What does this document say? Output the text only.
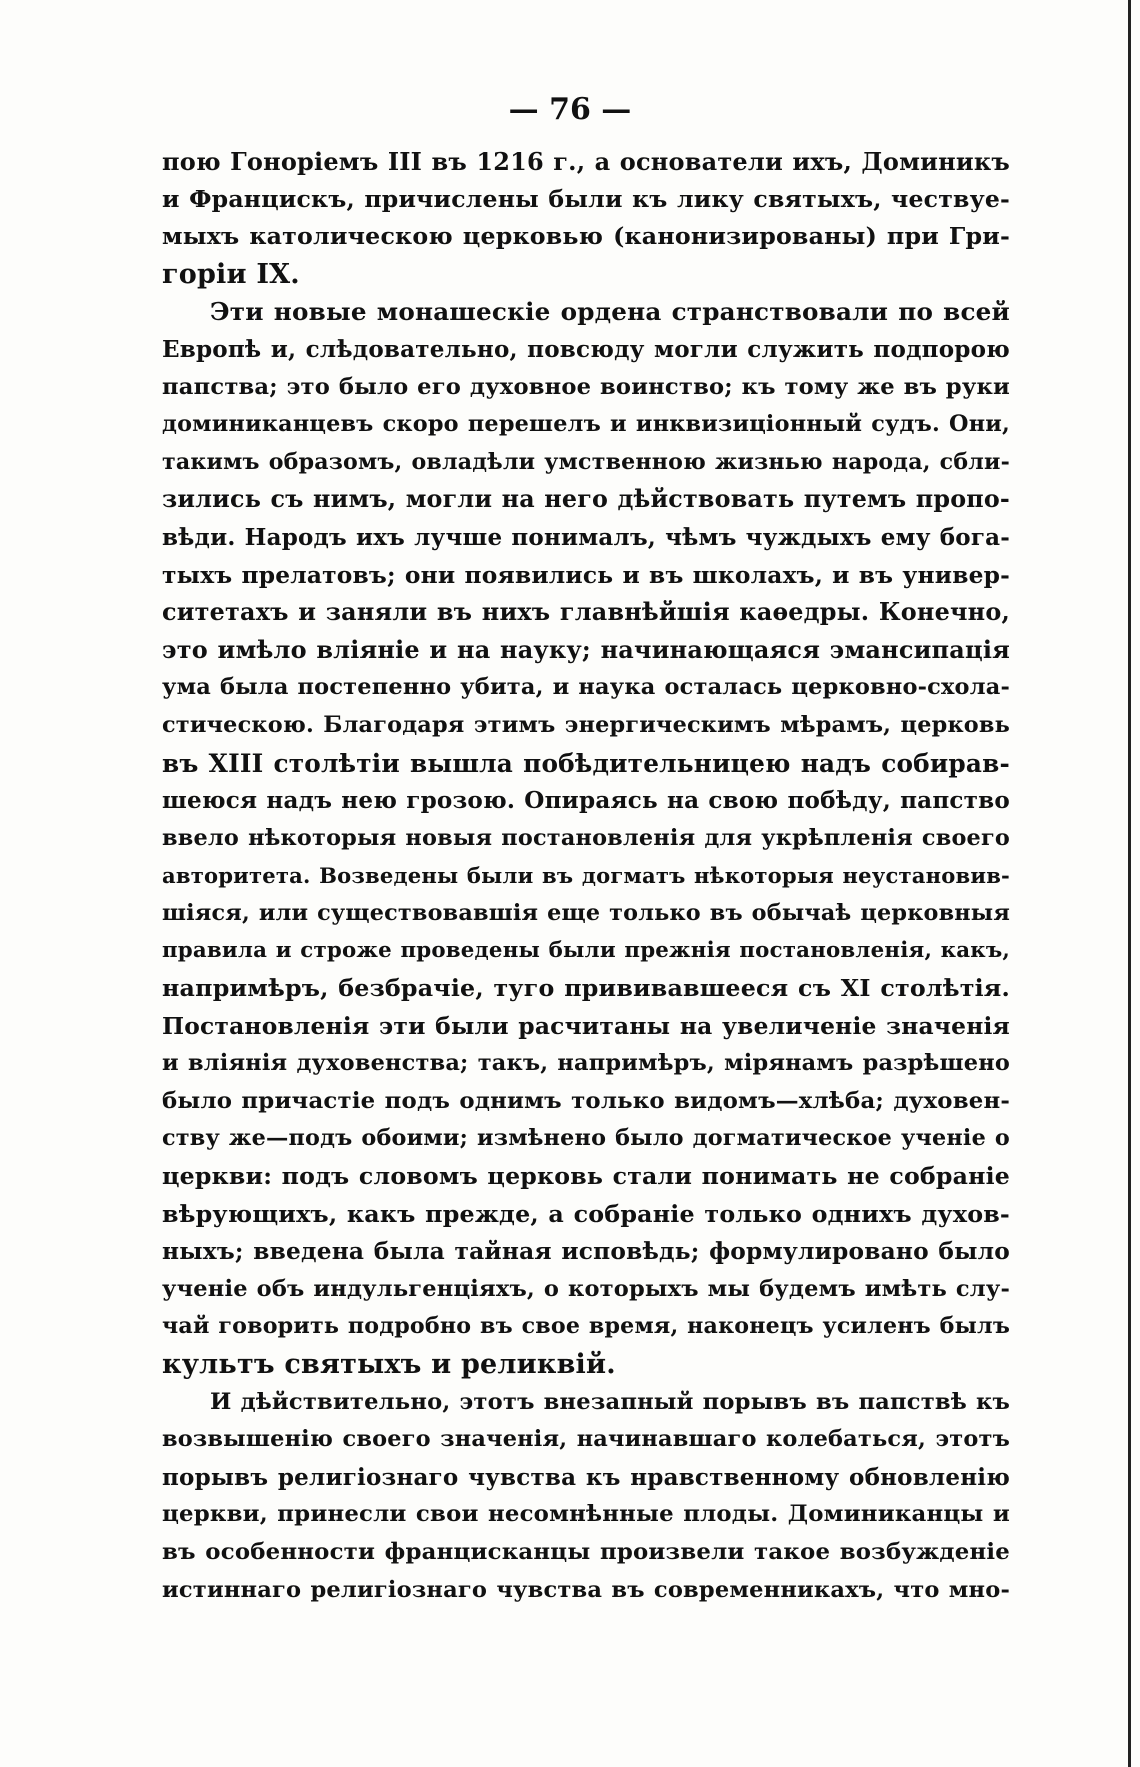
— 76 —
пою Гоноріемъ III въ 1216 г., а основатели ихъ, Доминикъ
и Францискъ, причислены были къ лику святыхъ, чествуе-
мыхъ католическою церковью (канонизированы) при Гри-
горіи IX.
Эти новые монашескіе ордена странствовали по всей
Европѣ и, слѣдовательно, повсюду могли служить подпорою
папства; это было его духовное воинство; къ тому же въ руки
доминиканцевъ скоро перешелъ и инквизиціонный судъ. Они,
такимъ образомъ, овладѣли умственною жизнью народа, сбли-
зились съ нимъ, могли на него дѣйствовать путемъ пропо-
вѣди. Народъ ихъ лучше понималъ, чѣмъ чуждыхъ ему бога-
тыхъ прелатовъ; они появились и въ школахъ, и въ универ-
ситетахъ и заняли въ нихъ главнѣйшія каѳедры. Конечно,
это имѣло вліяніе и на науку; начинающаяся эмансипація
ума была постепенно убита, и наука осталась церковно-схола-
стическою. Благодаря этимъ энергическимъ мѣрамъ, церковь
въ XIII столѣтіи вышла побѣдительницею надъ собирав-
шеюся надъ нею грозою. Опираясь на свою побѣду, папство
ввело нѣкоторыя новыя постановленія для укрѣпленія своего
авторитета. Возведены были въ догматъ нѣкоторыя неустановив-
шіяся, или существовавшія еще только въ обычаѣ церковныя
правила и строже проведены были прежнія постановленія, какъ,
напримѣръ, безбрачіе, туго прививавшееся съ XI столѣтія.
Постановленія эти были расчитаны на увеличеніе значенія
и вліянія духовенства; такъ, напримѣръ, мірянамъ разрѣшено
было причастіе подъ однимъ только видомъ—хлѣба; духовен-
ству же—подъ обоими; измѣнено было догматическое ученіе о
церкви: подъ словомъ церковь стали понимать не собраніе
вѣрующихъ, какъ прежде, а собраніе только однихъ духов-
ныхъ; введена была тайная исповѣдь; формулировано было
ученіе объ индульгенціяхъ, о которыхъ мы будемъ имѣть слу-
чай говорить подробно въ свое время, наконецъ усиленъ былъ
культъ святыхъ и реликвій.
И дѣйствительно, этотъ внезапный порывъ въ папствѣ къ
возвышенію своего значенія, начинавшаго колебаться, этотъ
порывъ религіознаго чувства къ нравственному обновленію
церкви, принесли свои несомнѣнные плоды. Доминиканцы и
въ особенности францисканцы произвели такое возбужденіе
истиннаго религіознаго чувства въ современникахъ, что мно-
